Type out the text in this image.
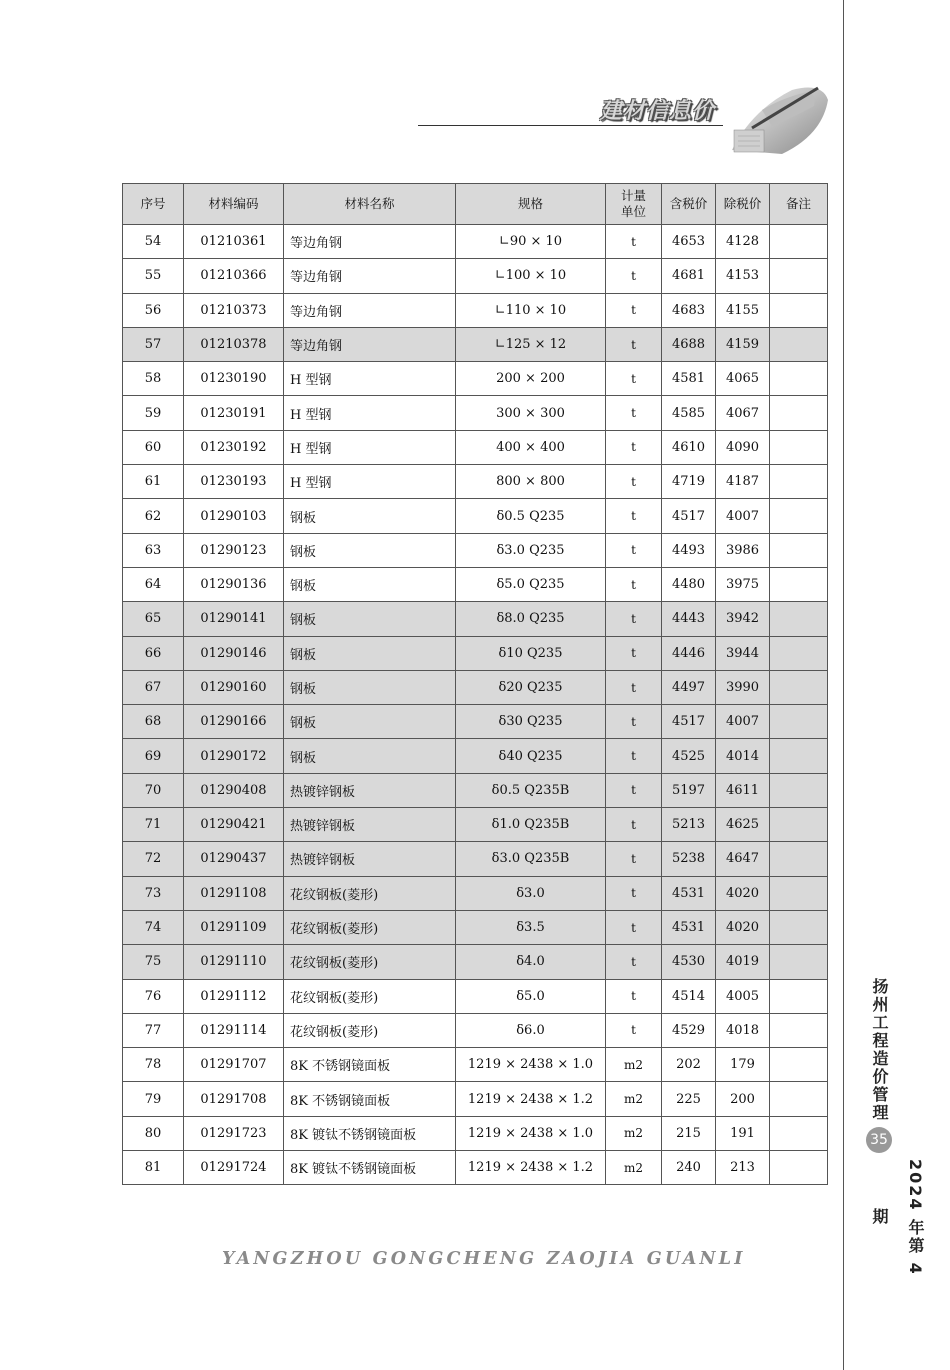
建材信息价
序号	材料编码	材料名称	规格	计量单位	含税价	除税价	备注
54	01210361	等边角钢	∟90 × 10	t	4653	4128	
55	01210366	等边角钢	∟100 × 10	t	4681	4153	
56	01210373	等边角钢	∟110 × 10	t	4683	4155	
57	01210378	等边角钢	∟125 × 12	t	4688	4159	
58	01230190	H 型钢	200 × 200	t	4581	4065	
59	01230191	H 型钢	300 × 300	t	4585	4067	
60	01230192	H 型钢	400 × 400	t	4610	4090	
61	01230193	H 型钢	800 × 800	t	4719	4187	
62	01290103	钢板	δ0.5 Q235	t	4517	4007	
63	01290123	钢板	δ3.0 Q235	t	4493	3986	
64	01290136	钢板	δ5.0 Q235	t	4480	3975	
65	01290141	钢板	δ8.0 Q235	t	4443	3942	
66	01290146	钢板	δ10 Q235	t	4446	3944	
67	01290160	钢板	δ20 Q235	t	4497	3990	
68	01290166	钢板	δ30 Q235	t	4517	4007	
69	01290172	钢板	δ40 Q235	t	4525	4014	
70	01290408	热镀锌钢板	δ0.5 Q235B	t	5197	4611	
71	01290421	热镀锌钢板	δ1.0 Q235B	t	5213	4625	
72	01290437	热镀锌钢板	δ3.0 Q235B	t	5238	4647	
73	01291108	花纹钢板(菱形)	δ3.0	t	4531	4020	
74	01291109	花纹钢板(菱形)	δ3.5	t	4531	4020	
75	01291110	花纹钢板(菱形)	δ4.0	t	4530	4019	
76	01291112	花纹钢板(菱形)	δ5.0	t	4514	4005	
77	01291114	花纹钢板(菱形)	δ6.0	t	4529	4018	
78	01291707	8K 不锈钢镜面板	1219 × 2438 × 1.0	m2	202	179	
79	01291708	8K 不锈钢镜面板	1219 × 2438 × 1.2	m2	225	200	
80	01291723	8K 镀钛不锈钢镜面板	1219 × 2438 × 1.0	m2	215	191	
81	01291724	8K 镀钛不锈钢镜面板	1219 × 2438 × 1.2	m2	240	213	
YANGZHOU GONGCHENG ZAOJIA GUANLI
扬州工程造价管理
35
2024 年第 4 期
